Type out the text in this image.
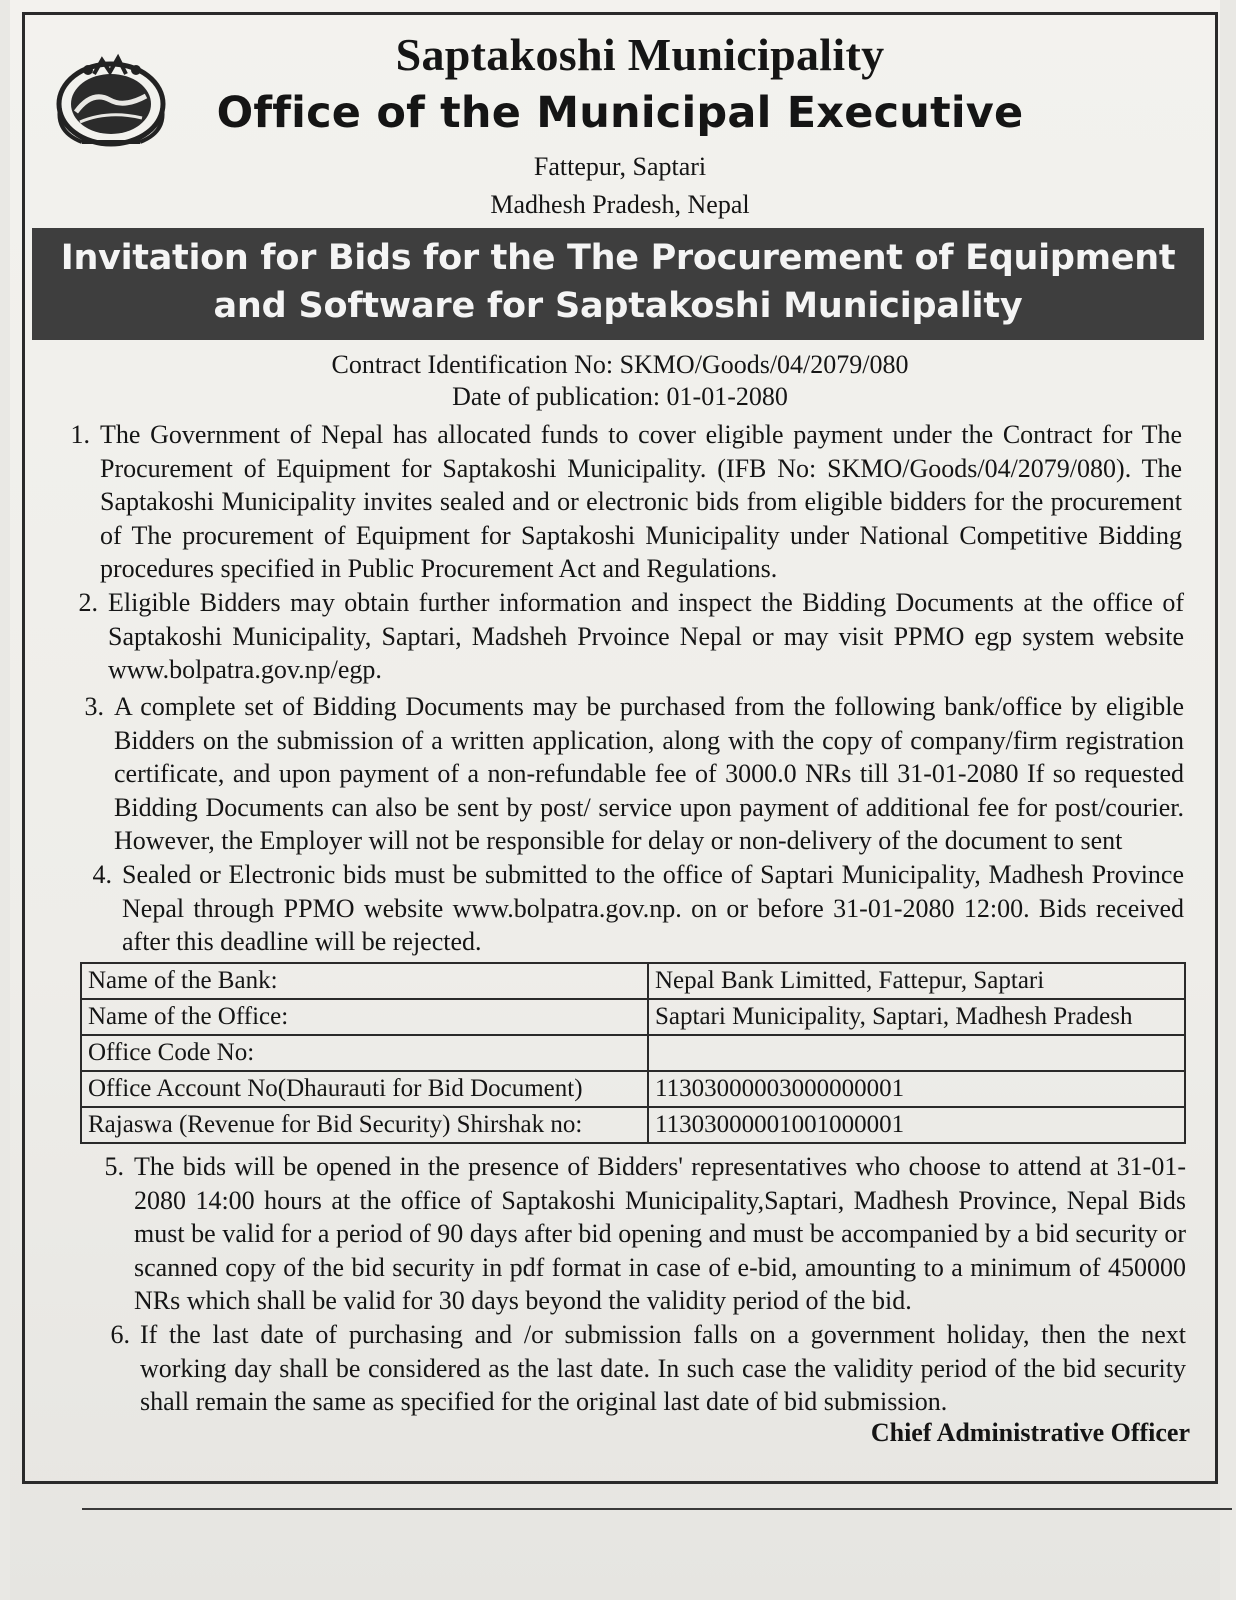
Saptakoshi Municipality
Office of the Municipal Executive
Fattepur, Saptari
Madhesh Pradesh, Nepal
Invitation for Bids for the The Procurement of Equipment
and Software for Saptakoshi Municipality
Contract Identification No: SKMO/Goods/04/2079/080
Date of publication: 01-01-2080
1. The Government of Nepal has allocated funds to cover eligible payment under the Contract for The Procurement of Equipment for Saptakoshi Municipality. (IFB No: SKMO/Goods/04/2079/080). The Saptakoshi Municipality invites sealed and or electronic bids from eligible bidders for the procurement of The procurement of Equipment for Saptakoshi Municipality under National Competitive Bidding procedures specified in Public Procurement Act and Regulations.
2. Eligible Bidders may obtain further information and inspect the Bidding Documents at the office of Saptakoshi Municipality, Saptari, Madsheh Prvoince Nepal or may visit PPMO egp system website www.bolpatra.gov.np/egp.
3. A complete set of Bidding Documents may be purchased from the following bank/office by eligible Bidders on the submission of a written application, along with the copy of company/firm registration certificate, and upon payment of a non-refundable fee of 3000.0 NRs till 31-01-2080 If so requested Bidding Documents can also be sent by post/ service upon payment of additional fee for post/courier. However, the Employer will not be responsible for delay or non-delivery of the document to sent
4. Sealed or Electronic bids must be submitted to the office of Saptari Municipality, Madhesh Province Nepal through PPMO website www.bolpatra.gov.np. on or before 31-01-2080 12:00. Bids received after this deadline will be rejected.
Name of the Bank:	Nepal Bank Limitted, Fattepur, Saptari
Name of the Office:	Saptari Municipality, Saptari, Madhesh Pradesh
Office Code No:	
Office Account No(Dhaurauti for Bid Document)	11303000003000000001
Rajaswa (Revenue for Bid Security) Shirshak no:	11303000001001000001
5. The bids will be opened in the presence of Bidders' representatives who choose to attend at 31-01-2080 14:00 hours at the office of Saptakoshi Municipality,Saptari, Madhesh Province, Nepal Bids must be valid for a period of 90 days after bid opening and must be accompanied by a bid security or scanned copy of the bid security in pdf format in case of e-bid, amounting to a minimum of 450000 NRs which shall be valid for 30 days beyond the validity period of the bid.
6. If the last date of purchasing and /or submission falls on a government holiday, then the next working day shall be considered as the last date. In such case the validity period of the bid security shall remain the same as specified for the original last date of bid submission.
Chief Administrative Officer
